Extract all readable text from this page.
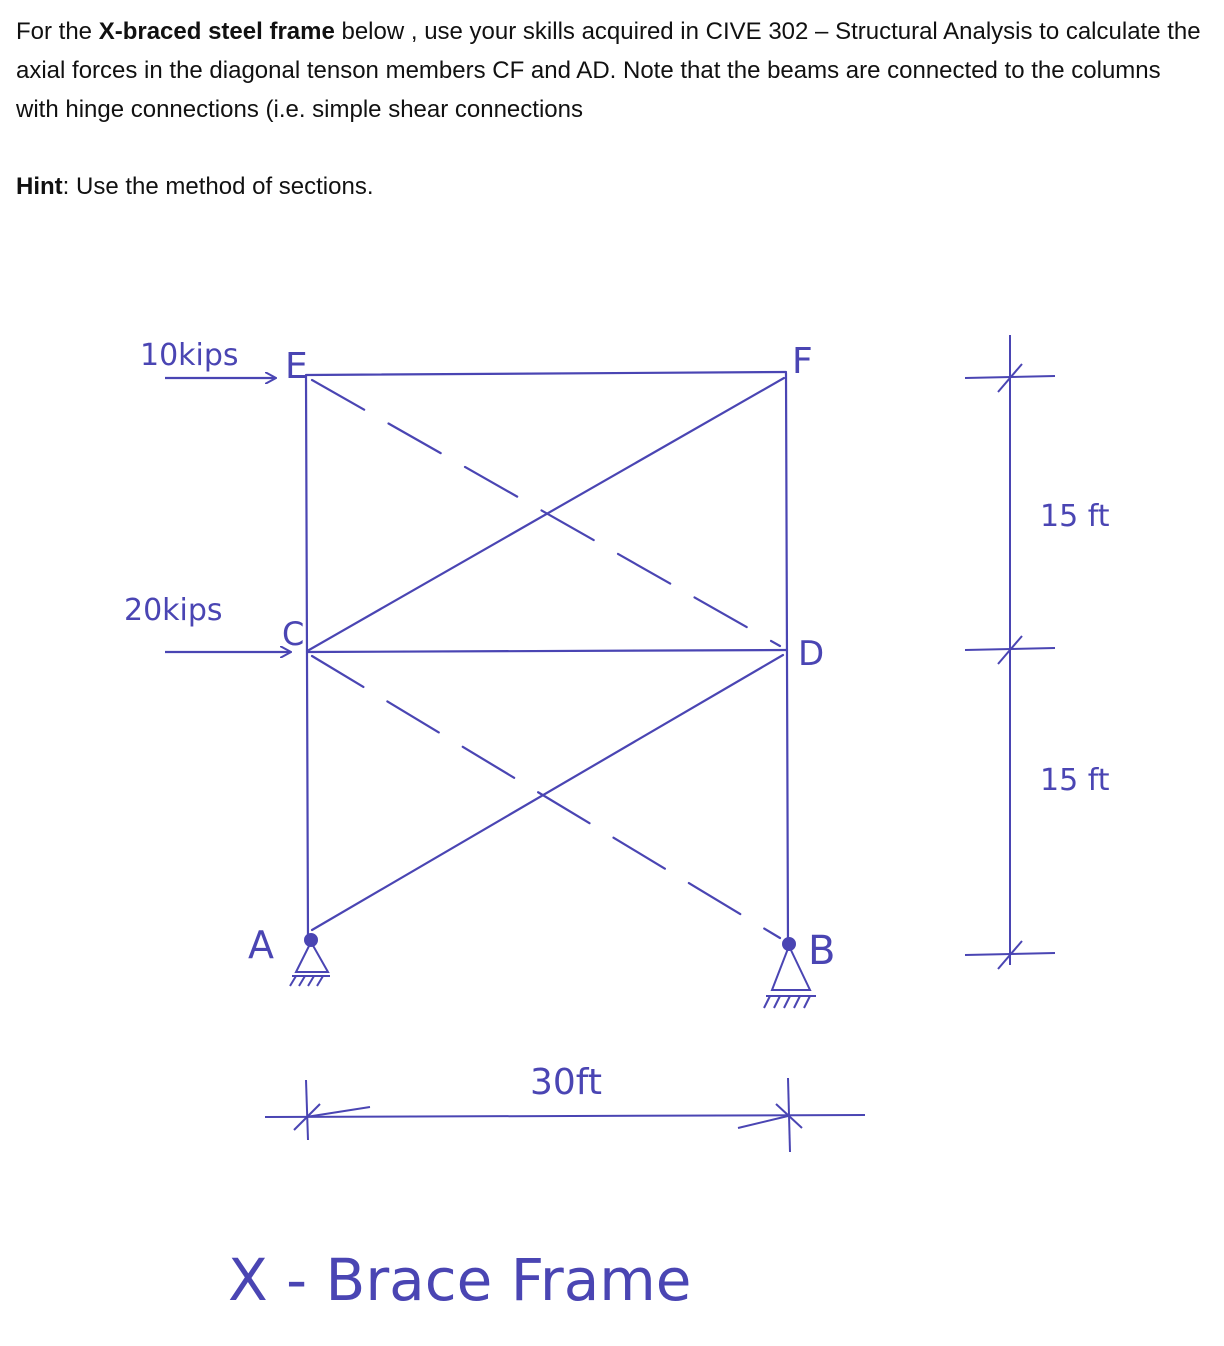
For the X-braced steel frame below , use your skills acquired in CIVE 302 – Structural Analysis to calculate the axial forces in the diagonal tenson members CF and AD. Note that the beams are connected to the columns with hinge connections (i.e. simple shear connections

Hint: Use the method of sections.

E	F
C	D
A	B
10kips
20kips
15 ft
15 ft
30ft
X - Brace Frame
